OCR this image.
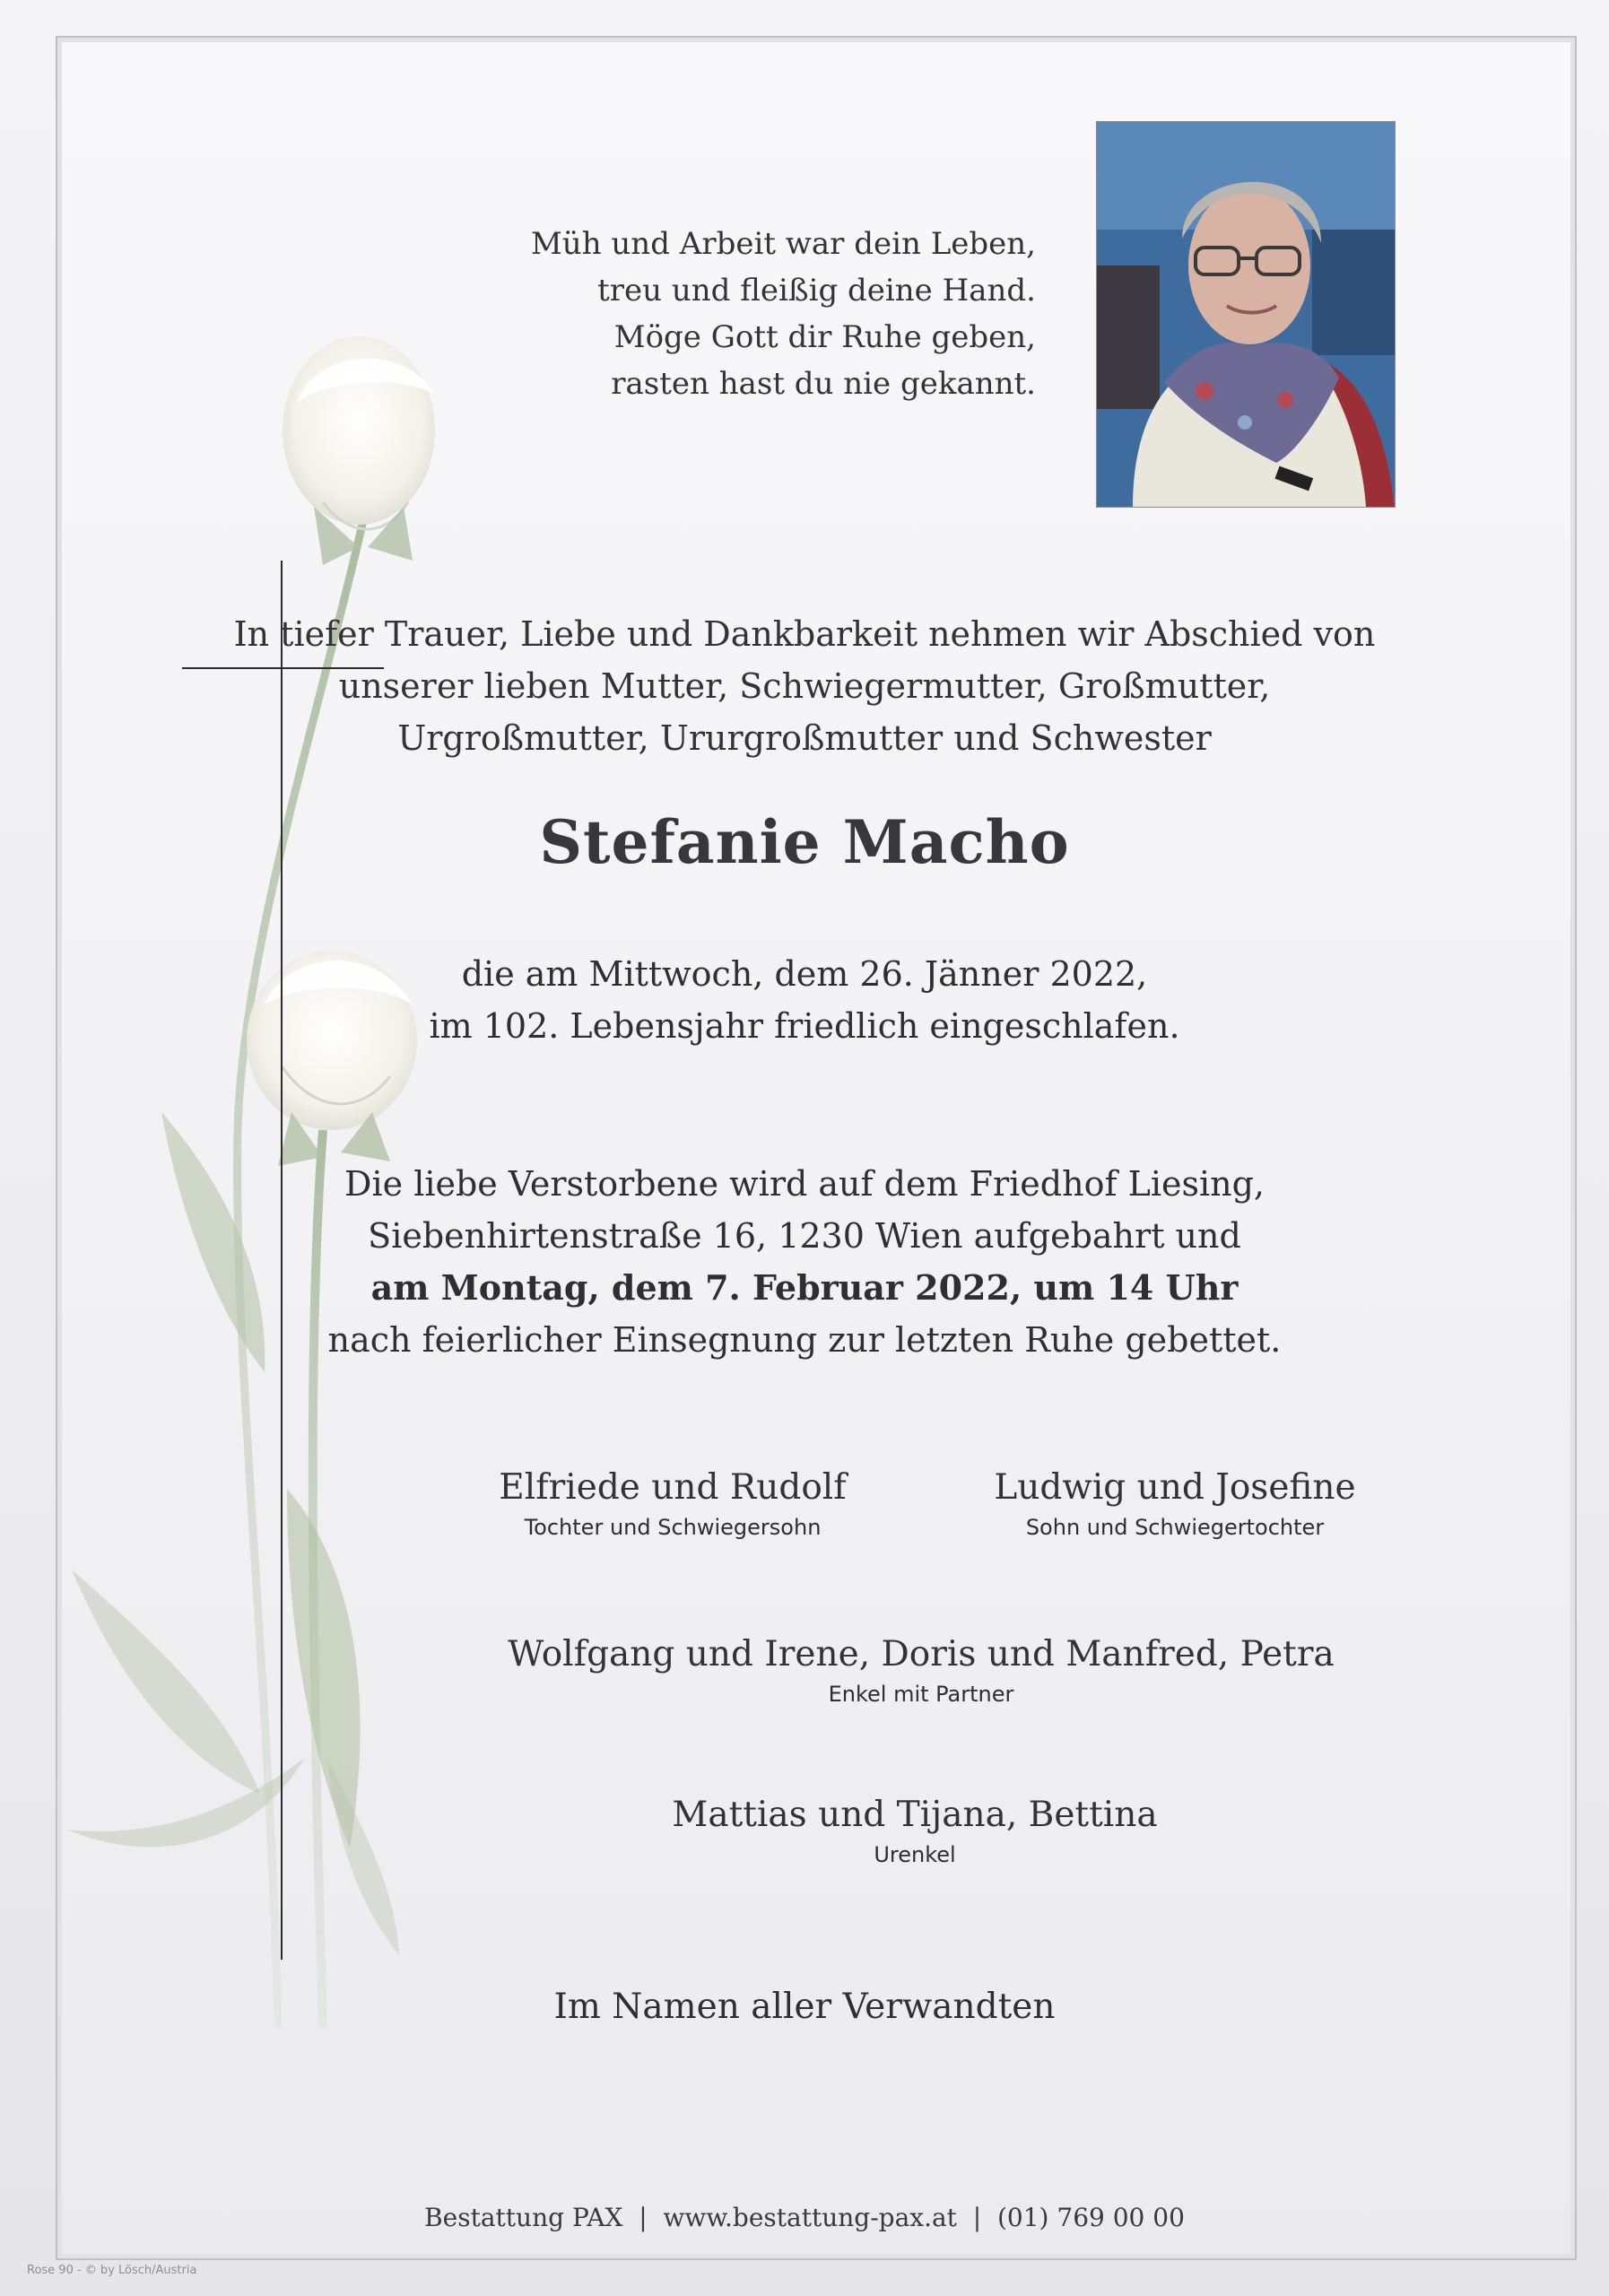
Müh und Arbeit war dein Leben,
treu und fleißig deine Hand.
Möge Gott dir Ruhe geben,
rasten hast du nie gekannt.
In tiefer Trauer, Liebe und Dankbarkeit nehmen wir Abschied von
unserer lieben Mutter, Schwiegermutter, Großmutter,
Urgroßmutter, Ururgroßmutter und Schwester
Stefanie Macho
die am Mittwoch, dem 26. Jänner 2022,
im 102. Lebensjahr friedlich eingeschlafen.
Die liebe Verstorbene wird auf dem Friedhof Liesing,
Siebenhirtenstraße 16, 1230 Wien aufgebahrt und
am Montag, dem 7. Februar 2022, um 14 Uhr
nach feierlicher Einsegnung zur letzten Ruhe gebettet.
Elfriede und Rudolf
Tochter und Schwiegersohn
Ludwig und Josefine
Sohn und Schwiegertochter
Wolfgang und Irene, Doris und Manfred, Petra
Enkel mit Partner
Mattias und Tijana, Bettina
Urenkel
Im Namen aller Verwandten
Bestattung PAX | www.bestattung-pax.at | (01) 769 00 00
Rose 90 - © by Lösch/Austria
